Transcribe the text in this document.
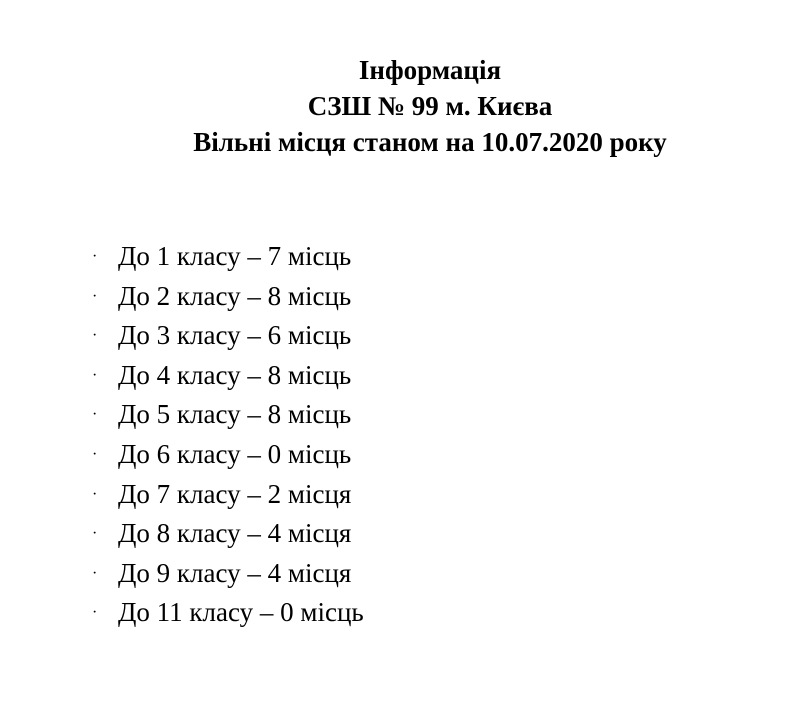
Інформація
СЗШ № 99 м. Києва
Вільні місця станом на 10.07.2020 року
· До 1 класу – 7 місць
· До 2 класу – 8 місць
· До 3 класу – 6 місць
· До 4 класу – 8 місць
· До 5 класу – 8 місць
· До 6 класу – 0 місць
· До 7 класу – 2 місця
· До 8 класу – 4 місця
· До 9 класу – 4 місця
· До 11 класу – 0 місць
